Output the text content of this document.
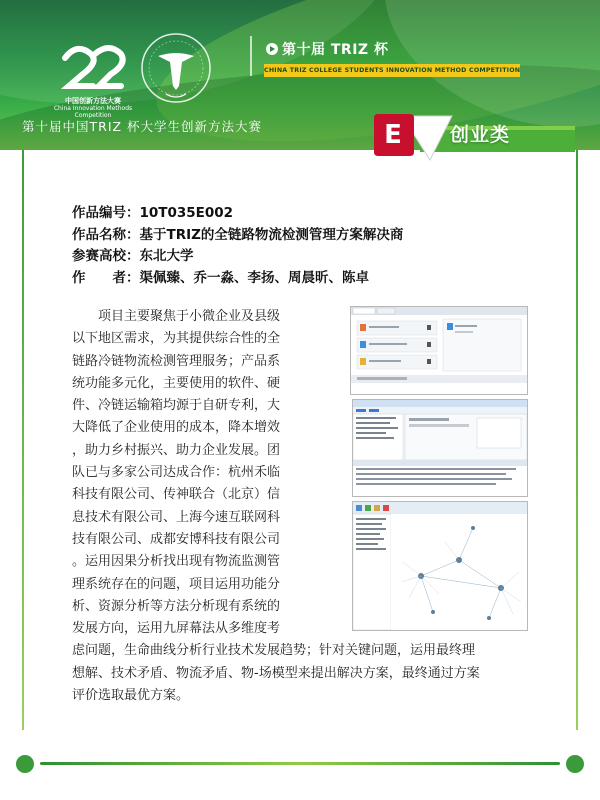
中国创新方法大赛
China Innovation Methods Competition
第十届 TRIZ 杯
CHINA TRIZ COLLEGE STUDENTS INNOVATION METHOD COMPETITION
第十届中国TRIZ 杯大学生创新方法大赛	E	创业类
作品编号：10T035E002
作品名称：基于TRIZ的全链路物流检测管理方案解决商
参赛高校：东北大学
作　　者：渠佩臻、乔一淼、李扬、周晨昕、陈卓
项目主要聚焦于小微企业及县级
以下地区需求，为其提供综合性的全
链路冷链物流检测管理服务；产品系
统功能多元化，主要使用的软件、硬
件、冷链运输箱均源于自研专利，大
大降低了企业使用的成本，降本增效
，助力乡村振兴、助力企业发展。团
队已与多家公司达成合作：杭州禾临
科技有限公司、传神联合（北京）信
息技术有限公司、上海今速互联网科
技有限公司、成都安博科技有限公司
。运用因果分析找出现有物流监测管
理系统存在的问题，项目运用功能分
析、资源分析等方法分析现有系统的
发展方向，运用九屏幕法从多维度考
虑问题，生命曲线分析行业技术发展趋势；针对关键问题，运用最终理
想解、技术矛盾、物流矛盾、物-场模型来提出解决方案，最终通过方案
评价选取最优方案。
